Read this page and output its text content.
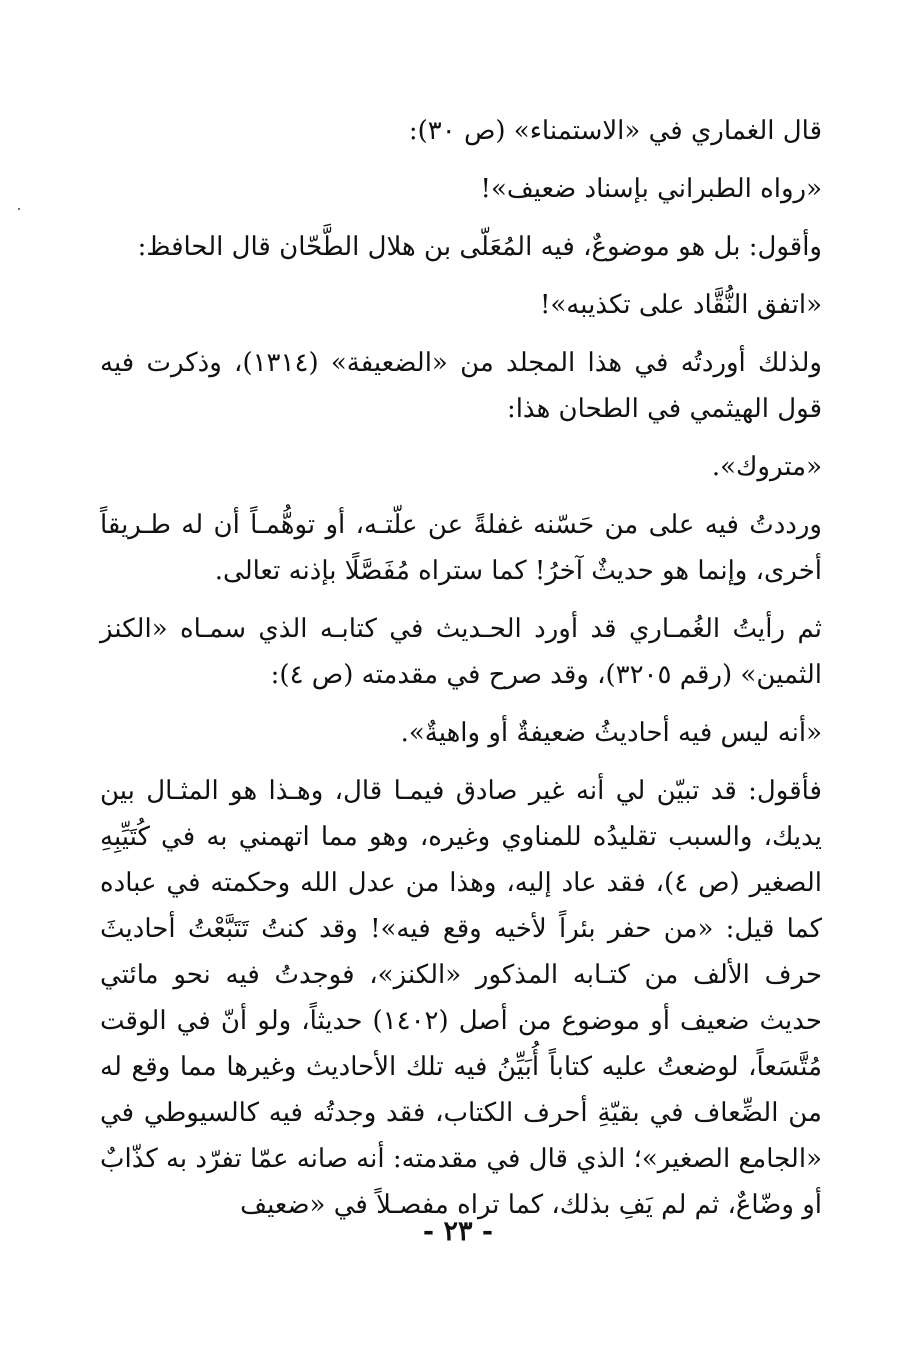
قال الغماري في «الاستمناء» (ص ٣٠):

«رواه الطبراني بإسناد ضعيف»!

وأقول: بل هو موضوعٌ، فيه المُعَلّى بن هلال الطَّحّان قال الحافظ:

«اتفق النُّقَّاد على تكذيبه»!

ولذلك أوردتُه في هذا المجلد من «الضعيفة» (١٣١٤)، وذكرت فيه قول الهيثمي في الطحان هذا:

«متروك».

ورددتُ فيه على من حَسّنه غفلةً عن علّتـه، أو توهُّمـاً أن له طـريقاً أخرى، وإنما هو حديثٌ آخرُ! كما ستراه مُفَصَّلًا بإذنه تعالى.

ثم رأيتُ الغُمـاري قد أورد الحـديث في كتابـه الذي سمـاه «الكنز الثمين» (رقم ٣٢٠٥)، وقد صرح في مقدمته (ص ٤):

«أنه ليس فيه أحاديثُ ضعيفةٌ أو واهيةٌ».

فأقول: قد تبيّن لي أنه غير صادق فيمـا قال، وهـذا هو المثـال بين يديك، والسبب تقليدُه للمناوي وغيره، وهو مما اتهمني به في كُتَيِّبِهِ الصغير (ص ٤)، فقد عاد إليه، وهذا من عدل الله وحكمته في عباده كما قيل: «من حفر بئراً لأخيه وقع فيه»! وقد كنتُ تَتَبَّعْتُ أحاديثَ حرف الألف من كتـابه المذكور «الكنز»، فوجدتُ فيه نحو مائتي حديث ضعيف أو موضوع من أصل (١٤٠٢) حديثاً، ولو أنّ في الوقت مُتَّسَعاً، لوضعتُ عليه كتاباً أُبَيِّنُ فيه تلك الأحاديث وغيرها مما وقع له من الضِّعاف في بقيّةِ أحرف الكتاب، فقد وجدتُه فيه كالسيوطي في «الجامع الصغير»؛ الذي قال في مقدمته: أنه صانه عمّا تفرّد به كذّابٌ أو وضّاعٌ، ثم لم يَفِ بذلك، كما تراه مفصـلاً في «ضعيف

- ٢٣ -
